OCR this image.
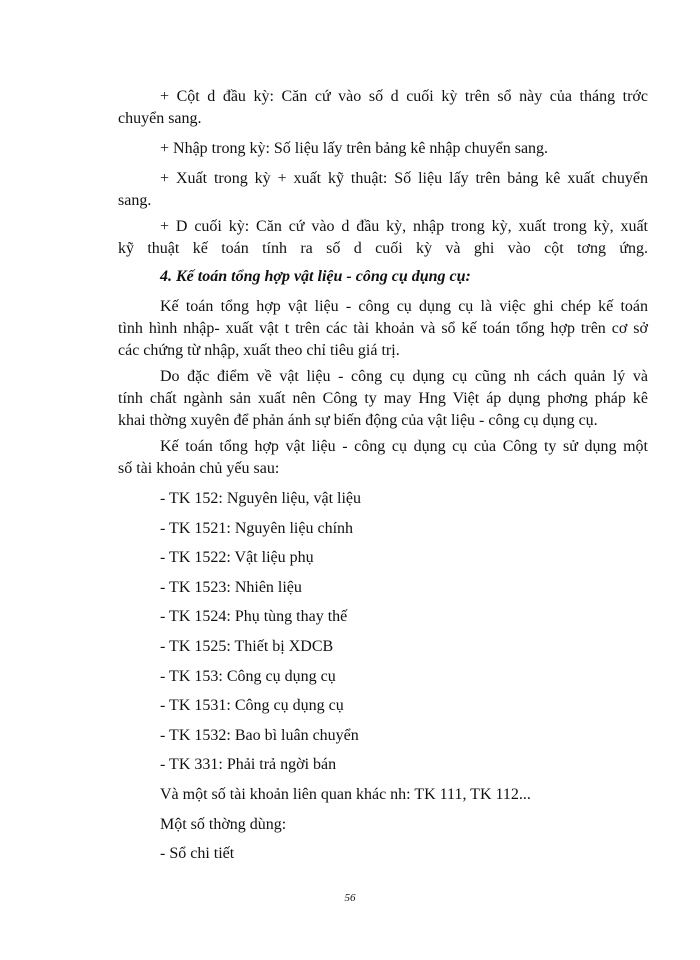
+ Cột d đầu kỳ: Căn cứ vào số d cuối kỳ trên sổ này của tháng trớc
chuyển sang.
+ Nhập trong kỳ: Số liệu lấy trên bảng kê nhập chuyển sang.
+ Xuất trong kỳ + xuất kỹ thuật: Số liệu lấy trên bảng kê xuất chuyển
sang.
+ D cuối kỳ: Căn cứ vào d đầu kỳ, nhập trong kỳ, xuất trong kỳ, xuất
kỹ thuật kế toán tính ra số d cuối kỳ và ghi vào cột tơng ứng.
4. Kế toán tổng hợp vật liệu - công cụ dụng cụ:
Kế toán tổng hợp vật liệu - công cụ dụng cụ là việc ghi chép kế toán
tình hình nhập- xuất vật t trên các tài khoản và sổ kế toán tổng hợp trên cơ sở
các chứng từ nhập, xuất theo chỉ tiêu giá trị.
Do đặc điểm về vật liệu - công cụ dụng cụ cũng nh cách quản lý và
tính chất ngành sản xuất nên Công ty may Hng Việt áp dụng phơng pháp kê
khai thờng xuyên để phản ánh sự biến động của vật liệu - công cụ dụng cụ.
Kế toán tổng hợp vật liệu - công cụ dụng cụ của Công ty sử dụng một
số tài khoản chủ yếu sau:
- TK 152: Nguyên liệu, vật liệu
- TK 1521: Nguyên liệu chính
- TK 1522: Vật liệu phụ
- TK 1523: Nhiên liệu
- TK 1524: Phụ tùng thay thế
- TK 1525: Thiết bị XDCB
- TK 153: Công cụ dụng cụ
- TK 1531: Công cụ dụng cụ
- TK 1532: Bao bì luân chuyển
- TK 331: Phải trả ngời bán
Và một số tài khoản liên quan khác nh: TK 111, TK 112...
Một số thờng dùng:
- Sổ chi tiết
56
